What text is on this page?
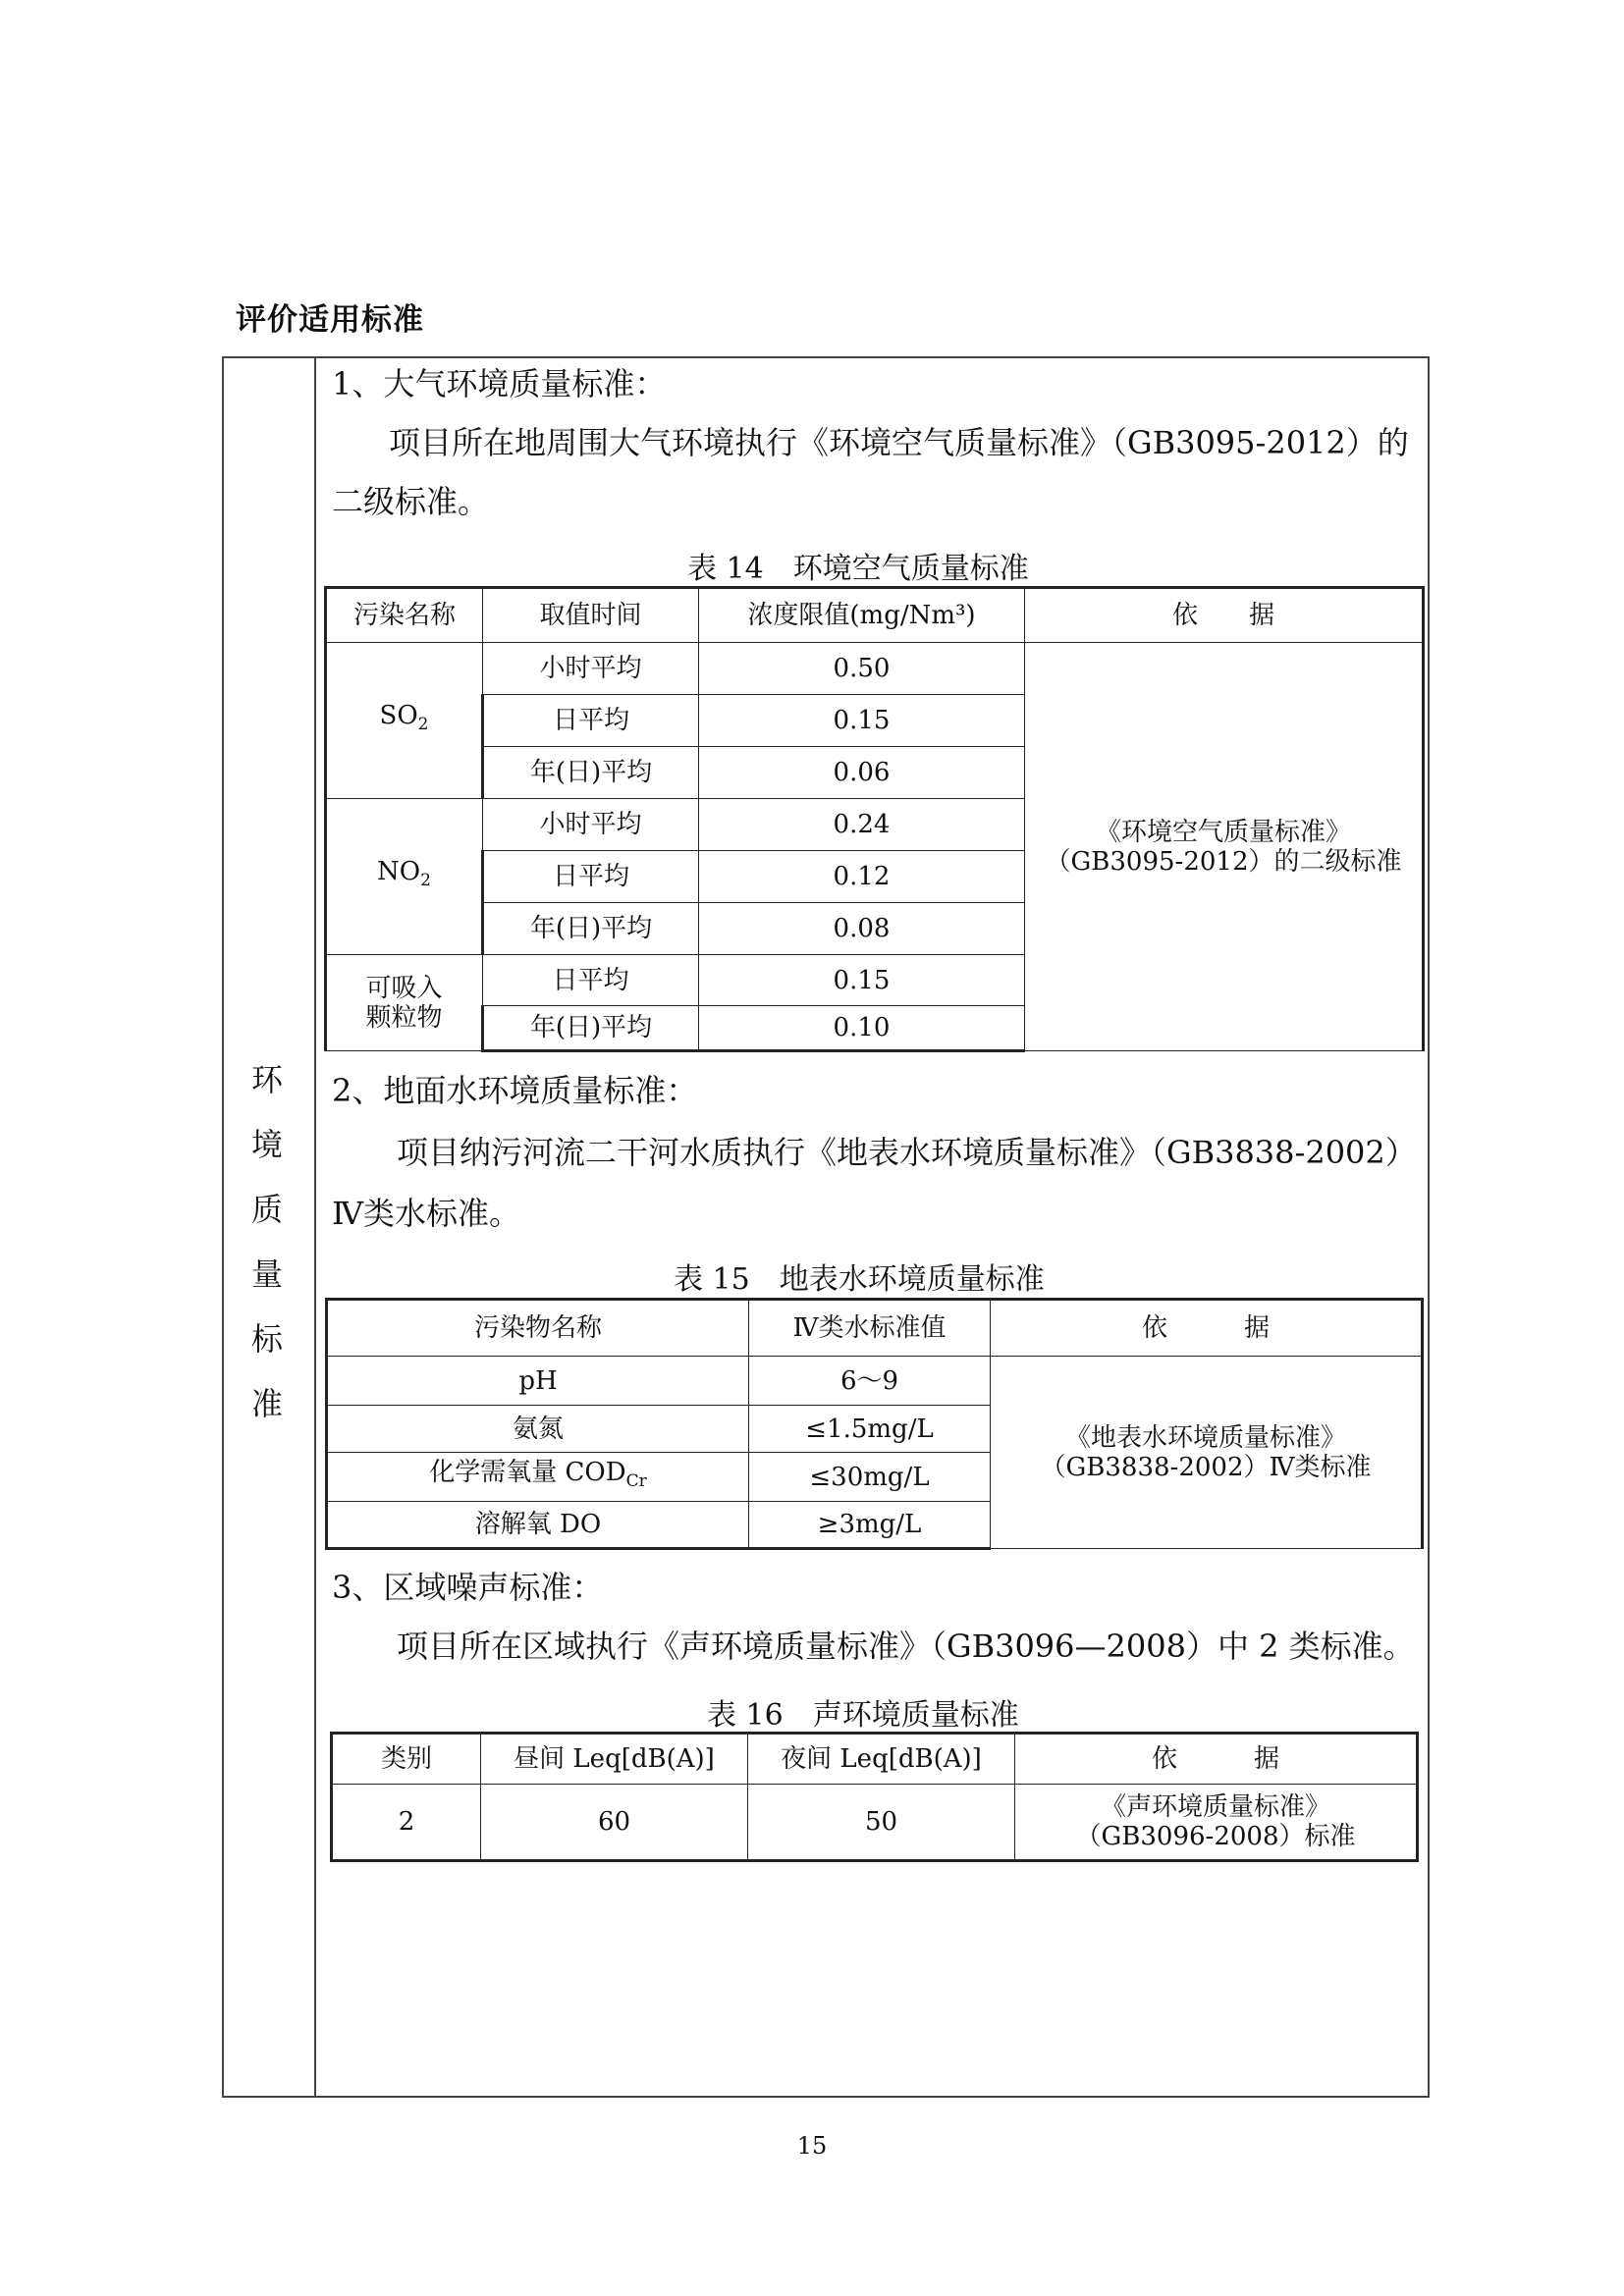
评价适用标准
环
境
质
量
标
准
1、大气环境质量标准：
项目所在地周围大气环境执行《环境空气质量标准》（GB3095-2012）的
二级标准。
表 14　环境空气质量标准
污染名称	取值时间	浓度限值(mg/Nm³)	依　　据
$SO_2$	小时平均	0.50	《环境空气质量标准》
（GB3095-2012）的二级标准

	日平均	0.15	
	年(日)平均	0.06	
$NO_2$	小时平均	0.24	
	日平均	0.12	
	年(日)平均	0.08	

可吸入
颗粒物	日平均	0.15	
	年(日)平均	0.10	
2、地面水环境质量标准：
项目纳污河流二干河水质执行《地表水环境质量标准》（GB3838-2002）
Ⅳ类水标准。
表 15　地表水环境质量标准
污染物名称	Ⅳ类水标准值	依　　　据
pH	6～9	《地表水环境质量标准》
（GB3838-2002）Ⅳ类标准

氨氮	≤1.5mg/L	
化学需氧量 $COD_{Cr}$	≤30mg/L	
溶解氧 DO	≥3mg/L	
3、区域噪声标准：
项目所在区域执行《声环境质量标准》（GB3096—2008）中 2 类标准。
表 16　声环境质量标准
类别	昼间 Leq[dB(A)]	夜间 Leq[dB(A)]	依　　　据
2	60	50	《声环境质量标准》
（GB3096-2008）标准
15
